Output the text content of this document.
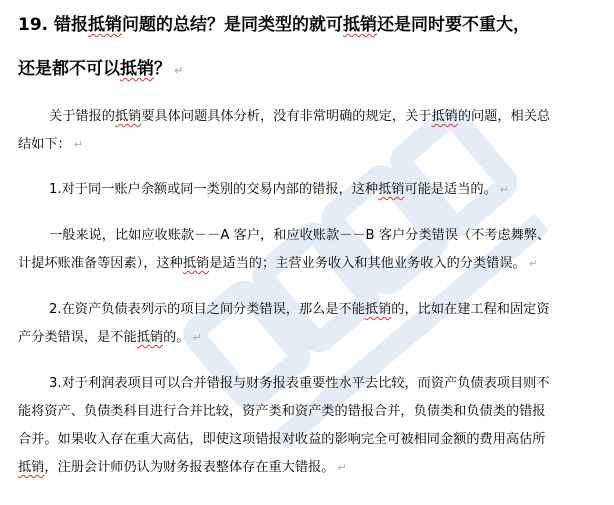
19. 错报抵销问题的总结？是同类型的就可抵销还是同时要不重大，
还是都不可以抵销？ ↵
关于错报的抵销要具体问题具体分析，没有非常明确的规定，关于抵销的问题，相关总
结如下： ↵
1.对于同一账户余额或同一类别的交易内部的错报，这种抵销可能是适当的。 ↵
一般来说，比如应收账款－－A 客户，和应收账款－－B 客户分类错误（不考虑舞弊、
计提坏账准备等因素），这种抵销是适当的；主营业务收入和其他业务收入的分类错误。 ↵
2.在资产负债表列示的项目之间分类错误，那么是不能抵销的，比如在建工程和固定资
产分类错误，是不能抵销的。 ↵
3.对于利润表项目可以合并错报与财务报表重要性水平去比较，而资产负债表项目则不
能将资产、负债类科目进行合并比较，资产类和资产类的错报合并，负债类和负债类的错报
合并。如果收入存在重大高估，即使这项错报对收益的影响完全可被相同金额的费用高估所
抵销，注册会计师仍认为财务报表整体存在重大错报。 ↵
